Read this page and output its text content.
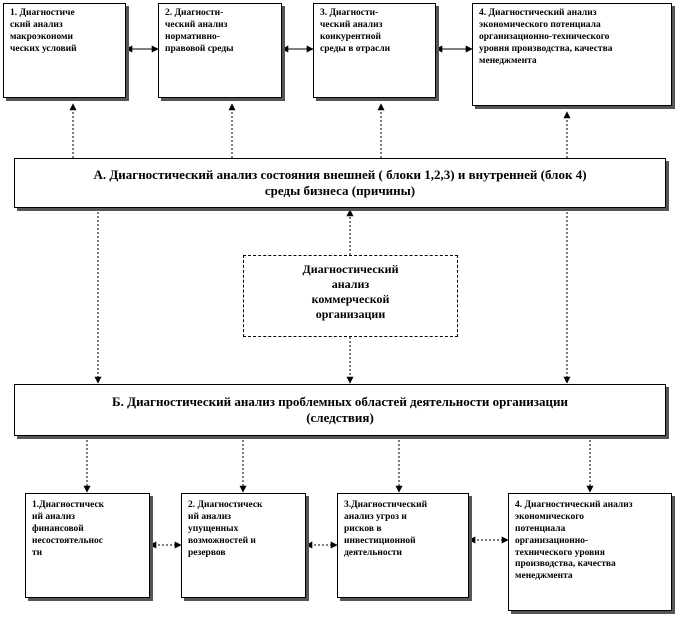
1. Диагностиче
ский анализ
макроэкономи
ческих условий
2. Диагности-
ческий анализ
нормативно-
правовой среды
3. Диагности-
ческий анализ
конкурентной
среды в отрасли
4. Диагностический анализ
экономического потенциала
организационно-технического
уровня производства, качества
менеджмента
А. Диагностический анализ состояния внешней ( блоки 1,2,3) и внутренней (блок 4)
среды бизнеса (причины)
Диагностический
анализ
коммерческой
организации
Б. Диагностический анализ проблемных областей деятельности организации
(следствия)
1.Диагностическ
ий анализ
финансовой
несостоятельнос
ти
2. Диагностическ
ий анализ
упущенных
возможностей и
резервов
3.Диагностический
анализ угроз и
рисков в
инвестиционной
деятельности
4. Диагностический анализ
экономического
потенциала
организационно-
технического уровня
производства, качества
менеджмента
